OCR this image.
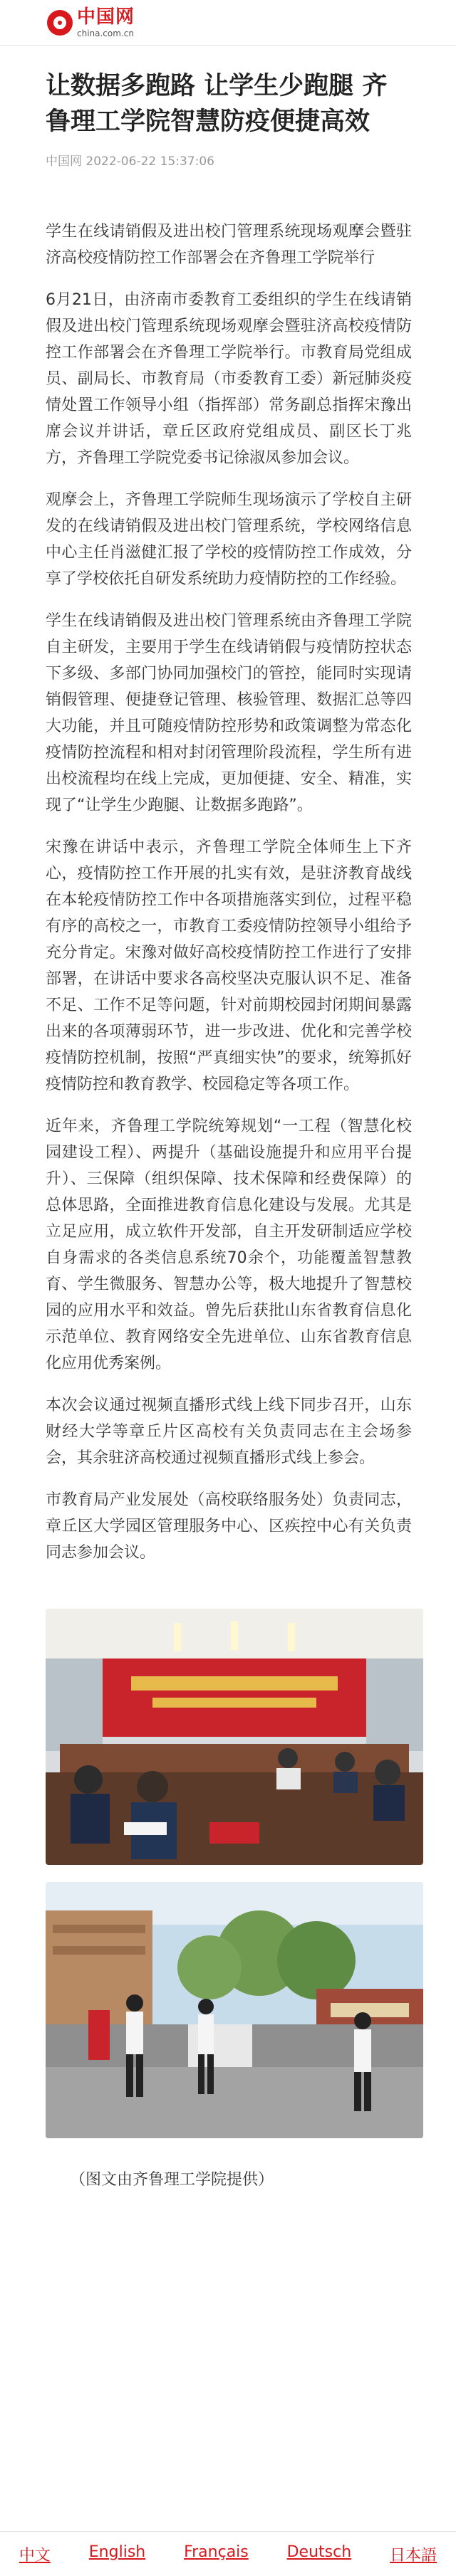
中国网
china.com.cn
让数据多跑路 让学生少跑腿 齐鲁理工学院智慧防疫便捷高效
中国网 2022-06-22 15:37:06

学生在线请销假及进出校门管理系统现场观摩会暨驻济高校疫情防控工作部署会在齐鲁理工学院举行

6月21日，由济南市委教育工委组织的学生在线请销假及进出校门管理系统现场观摩会暨驻济高校疫情防控工作部署会在齐鲁理工学院举行。市教育局党组成员、副局长、市教育局（市委教育工委）新冠肺炎疫情处置工作领导小组（指挥部）常务副总指挥宋豫出席会议并讲话，章丘区政府党组成员、副区长丁兆方，齐鲁理工学院党委书记徐淑凤参加会议。

观摩会上，齐鲁理工学院师生现场演示了学校自主研发的在线请销假及进出校门管理系统，学校网络信息中心主任肖滋健汇报了学校的疫情防控工作成效，分享了学校依托自研发系统助力疫情防控的工作经验。

学生在线请销假及进出校门管理系统由齐鲁理工学院自主研发，主要用于学生在线请销假与疫情防控状态下多级、多部门协同加强校门的管控，能同时实现请销假管理、便捷登记管理、核验管理、数据汇总等四大功能，并且可随疫情防控形势和政策调整为常态化疫情防控流程和相对封闭管理阶段流程，学生所有进出校流程均在线上完成，更加便捷、安全、精准，实现了“让学生少跑腿、让数据多跑路”。

宋豫在讲话中表示，齐鲁理工学院全体师生上下齐心，疫情防控工作开展的扎实有效，是驻济教育战线在本轮疫情防控工作中各项措施落实到位，过程平稳有序的高校之一，市教育工委疫情防控领导小组给予充分肯定。宋豫对做好高校疫情防控工作进行了安排部署，在讲话中要求各高校坚决克服认识不足、准备不足、工作不足等问题，针对前期校园封闭期间暴露出来的各项薄弱环节，进一步改进、优化和完善学校疫情防控机制，按照“严真细实快”的要求，统筹抓好疫情防控和教育教学、校园稳定等各项工作。

近年来，齐鲁理工学院统筹规划“一工程（智慧化校园建设工程）、两提升（基础设施提升和应用平台提升）、三保障（组织保障、技术保障和经费保障）的总体思路，全面推进教育信息化建设与发展。尤其是立足应用，成立软件开发部，自主开发研制适应学校自身需求的各类信息系统70余个，功能覆盖智慧教育、学生微服务、智慧办公等，极大地提升了智慧校园的应用水平和效益。曾先后获批山东省教育信息化示范单位、教育网络安全先进单位、山东省教育信息化应用优秀案例。

本次会议通过视频直播形式线上线下同步召开，山东财经大学等章丘片区高校有关负责同志在主会场参会，其余驻济高校通过视频直播形式线上参会。

市教育局产业发展处（高校联络服务处）负责同志，章丘区大学园区管理服务中心、区疾控中心有关负责同志参加会议。

（图文由齐鲁理工学院提供）
中文 English Français Deutsch 日本語
